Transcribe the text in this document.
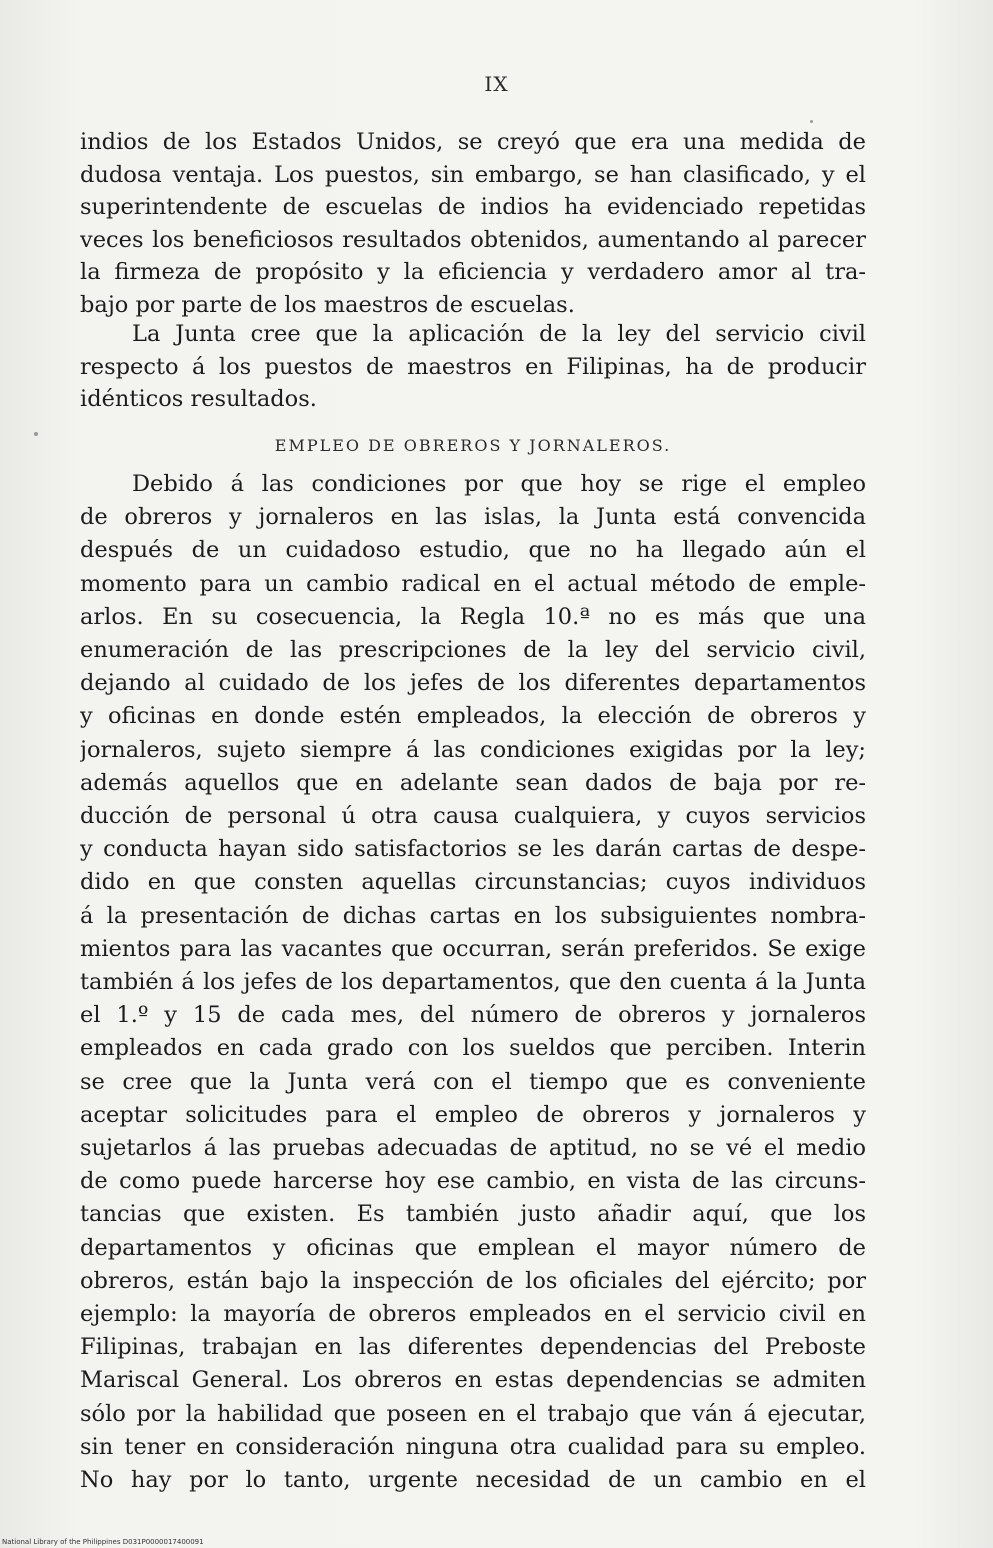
IX
indios de los Estados Unidos, se creyó que era una medida de
dudosa ventaja. Los puestos, sin embargo, se han clasificado, y el
superintendente de escuelas de indios ha evidenciado repetidas
veces los beneficiosos resultados obtenidos, aumentando al parecer
la firmeza de propósito y la eficiencia y verdadero amor al tra-
bajo por parte de los maestros de escuelas.
La Junta cree que la aplicación de la ley del servicio civil
respecto á los puestos de maestros en Filipinas, ha de producir
idénticos resultados.
EMPLEO DE OBREROS Y JORNALEROS.
Debido á las condiciones por que hoy se rige el empleo
de obreros y jornaleros en las islas, la Junta está convencida
después de un cuidadoso estudio, que no ha llegado aún el
momento para un cambio radical en el actual método de emple-
arlos. En su cosecuencia, la Regla 10.ª no es más que una
enumeración de las prescripciones de la ley del servicio civil,
dejando al cuidado de los jefes de los diferentes departamentos
y oficinas en donde estén empleados, la elección de obreros y
jornaleros, sujeto siempre á las condiciones exigidas por la ley;
además aquellos que en adelante sean dados de baja por re-
ducción de personal ú otra causa cualquiera, y cuyos servicios
y conducta hayan sido satisfactorios se les darán cartas de despe-
dido en que consten aquellas circunstancias; cuyos individuos
á la presentación de dichas cartas en los subsiguientes nombra-
mientos para las vacantes que occurran, serán preferidos. Se exige
también á los jefes de los departamentos, que den cuenta á la Junta
el 1.º y 15 de cada mes, del número de obreros y jornaleros
empleados en cada grado con los sueldos que perciben. Interin
se cree que la Junta verá con el tiempo que es conveniente
aceptar solicitudes para el empleo de obreros y jornaleros y
sujetarlos á las pruebas adecuadas de aptitud, no se vé el medio
de como puede harcerse hoy ese cambio, en vista de las circuns-
tancias que existen. Es también justo añadir aquí, que los
departamentos y oficinas que emplean el mayor número de
obreros, están bajo la inspección de los oficiales del ejército; por
ejemplo: la mayoría de obreros empleados en el servicio civil en
Filipinas, trabajan en las diferentes dependencias del Preboste
Mariscal General. Los obreros en estas dependencias se admiten
sólo por la habilidad que poseen en el trabajo que ván á ejecutar,
sin tener en consideración ninguna otra cualidad para su empleo.
No hay por lo tanto, urgente necesidad de un cambio en el
National Library of the Philippines D031P0000017400091
